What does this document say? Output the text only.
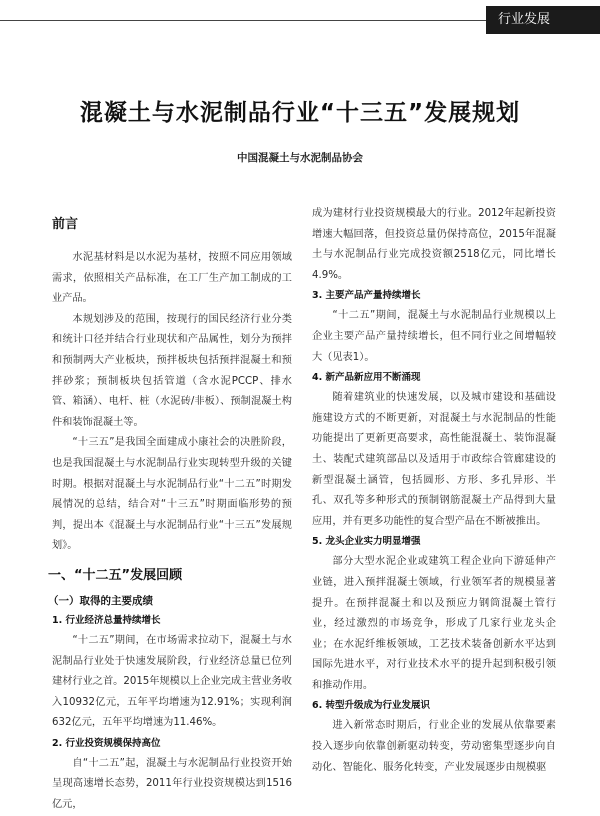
行业发展
混凝土与水泥制品行业“十三五”发展规划
中国混凝土与水泥制品协会
前言

水泥基材料是以水泥为基材，按照不同应用领域需求，依照相关产品标准，在工厂生产加工制成的工业产品。

本规划涉及的范围，按现行的国民经济行业分类和统计口径并结合行业现状和产品属性，划分为预拌和预制两大产业板块，预拌板块包括预拌混凝土和预拌砂浆；预制板块包括管道（含水泥PCCP、排水管、箱涵）、电杆、桩（水泥砖/非板）、预制混凝土构件和装饰混凝土等。

“十三五”是我国全面建成小康社会的决胜阶段，也是我国混凝土与水泥制品行业实现转型升级的关键时期。根据对混凝土与水泥制品行业“十二五”时期发展情况的总结，结合对“十三五”时期面临形势的预判，提出本《混凝土与水泥制品行业“十三五”发展规划》。

一、“十二五”发展回顾
（一）取得的主要成绩
1. 行业经济总量持续增长

“十二五”期间，在市场需求拉动下，混凝土与水泥制品行业处于快速发展阶段，行业经济总量已位列建材行业之首。2015年规模以上企业完成主营业务收入10932亿元，五年平均增速为12.91%；实现利润632亿元，五年平均增速为11.46%。

2. 行业投资规模保持高位

自“十二五”起，混凝土与水泥制品行业投资开始呈现高速增长态势，2011年行业投资规模达到1516亿元，

成为建材行业投资规模最大的行业。2012年起新投资增速大幅回落，但投资总量仍保持高位，2015年混凝土与水泥制品行业完成投资额2518亿元，同比增长4.9%。

3. 主要产品产量持续增长

“十二五”期间，混凝土与水泥制品行业规模以上企业主要产品产量持续增长，但不同行业之间增幅较大（见表1）。

4. 新产品新应用不断涌现

随着建筑业的快速发展，以及城市建设和基础设施建设方式的不断更新，对混凝土与水泥制品的性能功能提出了更新更高要求，高性能混凝土、装饰混凝土、装配式建筑部品以及适用于市政综合管廊建设的新型混凝土涵管，包括圆形、方形、多孔异形、半孔、双孔等多种形式的预制钢筋混凝土产品得到大量应用，并有更多功能性的复合型产品在不断被推出。

5. 龙头企业实力明显增强

部分大型水泥企业或建筑工程企业向下游延伸产业链，进入预拌混凝土领域，行业领军者的规模显著提升。在预拌混凝土和以及预应力钢筒混凝土管行业，经过激烈的市场竞争，形成了几家行业龙头企业；在水泥纤维板领域，工艺技术装备创新水平达到国际先进水平，对行业技术水平的提升起到积极引领和推动作用。

6. 转型升级成为行业发展识

进入新常态时期后，行业企业的发展从依靠要素投入逐步向依靠创新驱动转变，劳动密集型逐步向自动化、智能化、服务化转变，产业发展逐步由规模驱
